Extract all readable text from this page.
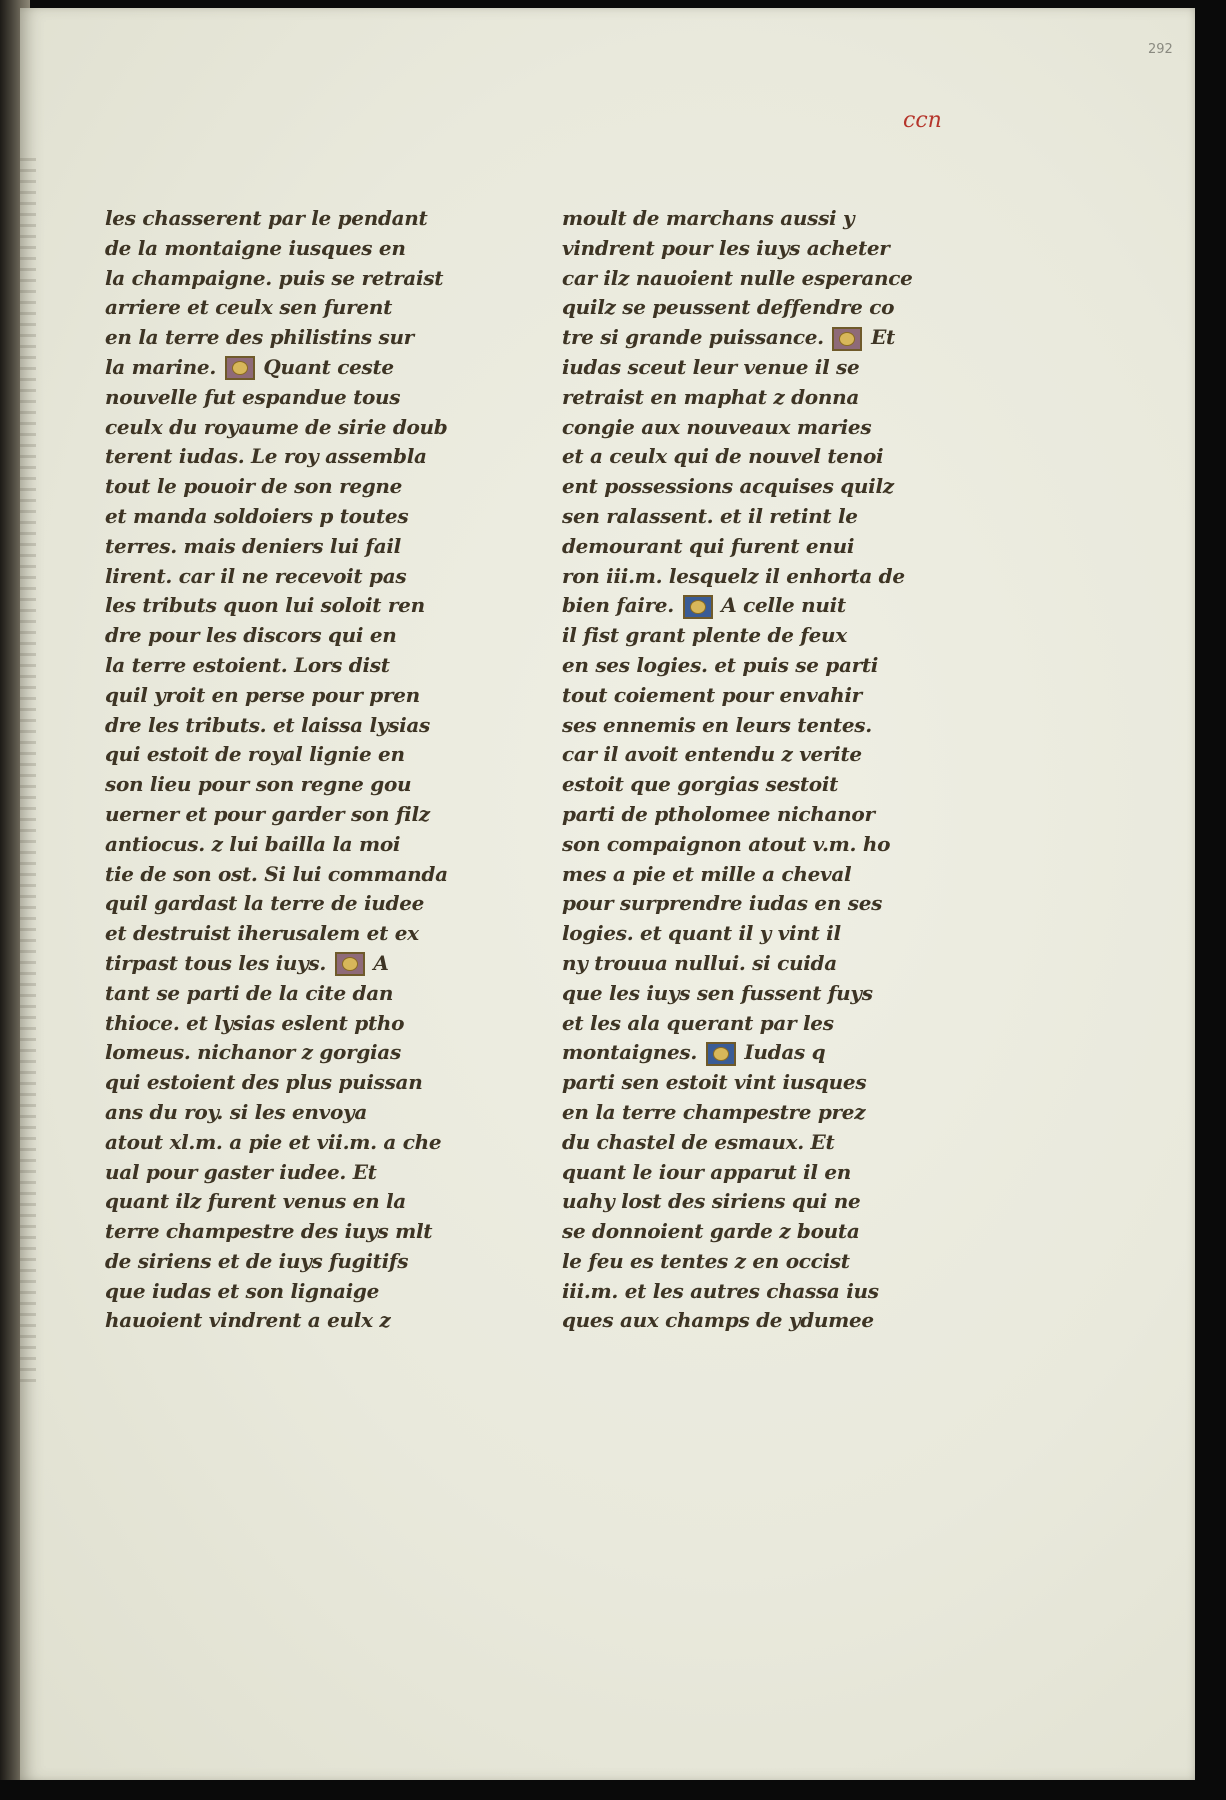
292
ccn
les chasserent par le pendant
de la montaigne iusques en
la champaigne. puis se retraist
arriere et ceulx sen furent
en la terre des philistins sur
la marine.  Quant ceste
nouvelle fut espandue tous
ceulx du royaume de sirie doub
terent iudas. Le roy assembla
tout le pouoir de son regne
et manda soldoiers p toutes
terres. mais deniers lui fail
lirent. car il ne recevoit pas
les tributs quon lui soloit ren
dre pour les discors qui en
la terre estoient. Lors dist
quil yroit en perse pour pren
dre les tributs. et laissa lysias
qui estoit de royal lignie en
son lieu pour son regne gou
uerner et pour garder son filz
antiocus. z lui bailla la moi
tie de son ost. Si lui commanda
quil gardast la terre de iudee
et destruist iherusalem et ex
tirpast tous les iuys.  A
tant se parti de la cite dan
thioce. et lysias eslent ptho
lomeus. nichanor z gorgias
qui estoient des plus puissan
ans du roy. si les envoya
atout xl.m. a pie et vii.m. a che
ual pour gaster iudee. Et
quant ilz furent venus en la
terre champestre des iuys mlt
de siriens et de iuys fugitifs
que iudas et son lignaige
hauoient vindrent a eulx z
moult de marchans aussi y
vindrent pour les iuys acheter
car ilz nauoient nulle esperance
quilz se peussent deffendre co
tre si grande puissance.  Et
iudas sceut leur venue il se
retraist en maphat z donna
congie aux nouveaux maries
et a ceulx qui de nouvel tenoi
ent possessions acquises quilz
sen ralassent. et il retint le
demourant qui furent enui
ron iii.m. lesquelz il enhorta de
bien faire.  A celle nuit
il fist grant plente de feux
en ses logies. et puis se parti
tout coiement pour envahir
ses ennemis en leurs tentes.
car il avoit entendu z verite
estoit que gorgias sestoit
parti de ptholomee nichanor
son compaignon atout v.m. ho
mes a pie et mille a cheval
pour surprendre iudas en ses
logies. et quant il y vint il
ny trouua nullui. si cuida
que les iuys sen fussent fuys
et les ala querant par les
montaignes.  Iudas q
parti sen estoit vint iusques
en la terre champestre prez
du chastel de esmaux. Et
quant le iour apparut il en
uahy lost des siriens qui ne
se donnoient garde z bouta
le feu es tentes z en occist
iii.m. et les autres chassa ius
ques aux champs de ydumee
